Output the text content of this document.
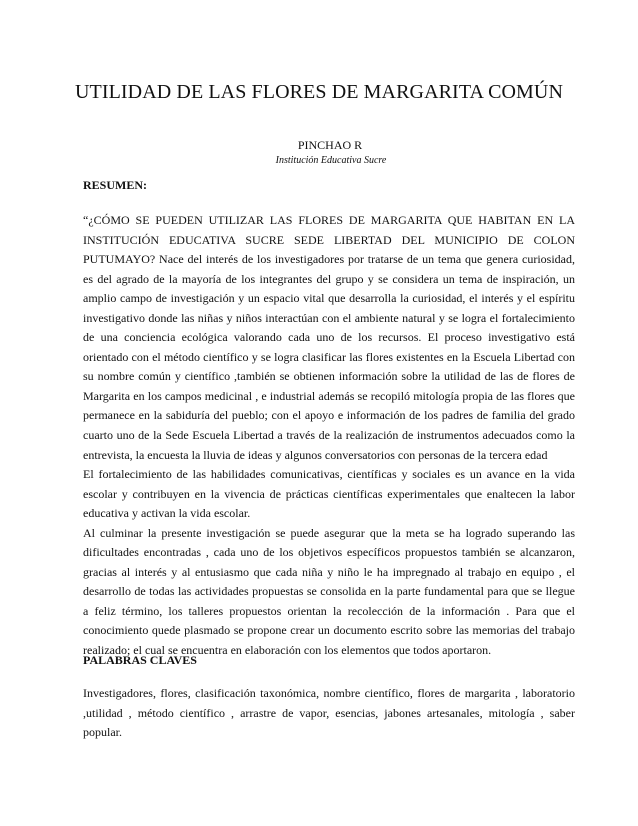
UTILIDAD DE LAS FLORES DE MARGARITA COMÚN
PINCHAO R
Institución Educativa Sucre
RESUMEN:

“¿CÓMO SE PUEDEN UTILIZAR LAS FLORES DE MARGARITA QUE HABITAN EN LA INSTITUCIÓN EDUCATIVA SUCRE SEDE LIBERTAD DEL MUNICIPIO DE COLON PUTUMAYO? Nace del interés de los investigadores por tratarse de un tema que genera curiosidad, es del agrado de la mayoría de los integrantes del grupo y se considera un tema de inspiración, un amplio campo de investigación y un espacio vital que desarrolla la curiosidad, el interés y el espíritu investigativo donde las niñas y niños interactúan con el ambiente natural y se logra el fortalecimiento de una conciencia ecológica valorando cada uno de los recursos. El proceso investigativo está orientado con el método científico y se logra clasificar las flores existentes en la Escuela Libertad con su nombre común y científico ,también se obtienen información sobre la utilidad de las de flores de Margarita en los campos medicinal , e industrial además se recopiló mitología propia de las flores que permanece en la sabiduría del pueblo; con el apoyo e información de los padres de familia del grado cuarto uno de la Sede Escuela Libertad a través de la realización de instrumentos adecuados como la entrevista, la encuesta la lluvia de ideas y algunos conversatorios con personas de la tercera edad

El fortalecimiento de las habilidades comunicativas, científicas y sociales es un avance en la vida escolar y contribuyen en la vivencia de prácticas científicas experimentales que enaltecen la labor educativa y activan la vida escolar.

Al culminar la presente investigación se puede asegurar que la meta se ha logrado superando las dificultades encontradas , cada uno de los objetivos específicos propuestos también se alcanzaron, gracias al interés y al entusiasmo que cada niña y niño le ha impregnado al trabajo en equipo , el desarrollo de todas las actividades propuestas se consolida en la parte fundamental para que se llegue a feliz término, los talleres propuestos orientan la recolección de la información . Para que el conocimiento quede plasmado se propone crear un documento escrito sobre las memorias del trabajo realizado; el cual se encuentra en elaboración con los elementos que todos aportaron.

PALABRAS CLAVES
Investigadores, flores, clasificación taxonómica, nombre científico, flores de margarita , laboratorio ,utilidad , método científico , arrastre de vapor, esencias, jabones artesanales, mitología , saber popular.
